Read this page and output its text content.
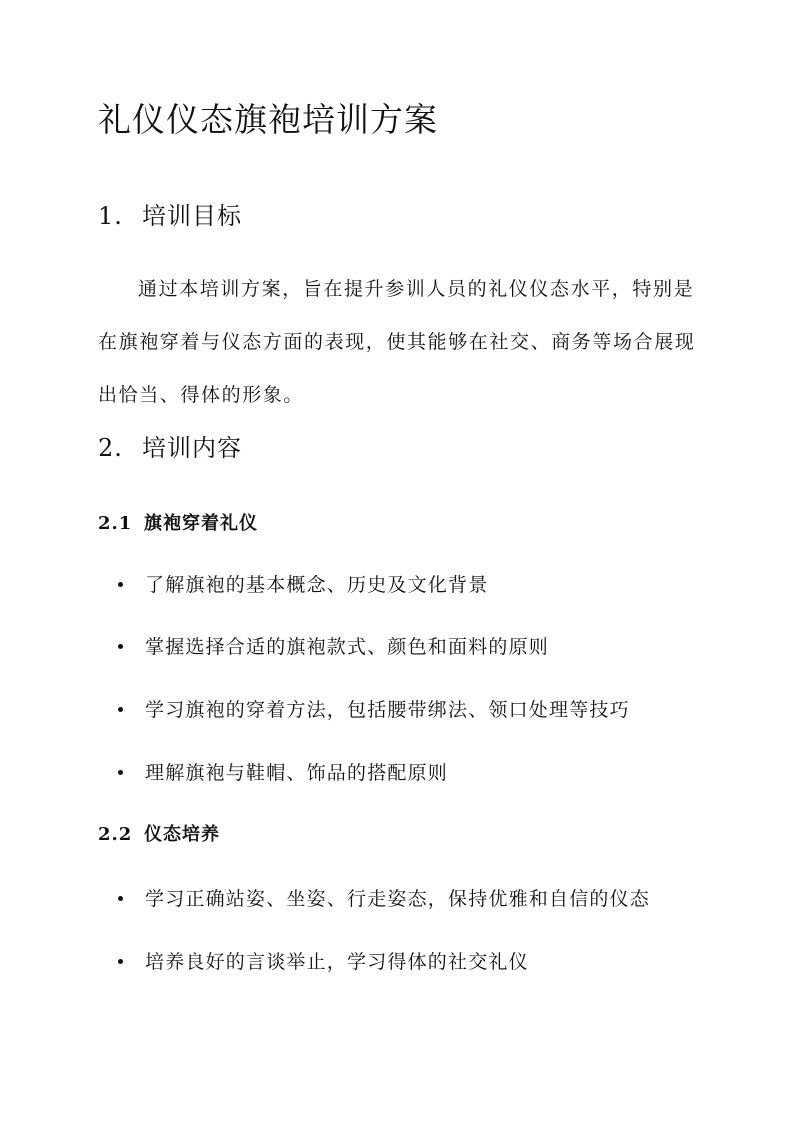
礼仪仪态旗袍培训方案
1. 培训目标
通过本培训方案，旨在提升参训人员的礼仪仪态水平，特别是
在旗袍穿着与仪态方面的表现，使其能够在社交、商务等场合展现
出恰当、得体的形象。
2. 培训内容
2.1 旗袍穿着礼仪
了解旗袍的基本概念、历史及文化背景
掌握选择合适的旗袍款式、颜色和面料的原则
学习旗袍的穿着方法，包括腰带绑法、领口处理等技巧
理解旗袍与鞋帽、饰品的搭配原则
2.2 仪态培养
学习正确站姿、坐姿、行走姿态，保持优雅和自信的仪态
培养良好的言谈举止，学习得体的社交礼仪
